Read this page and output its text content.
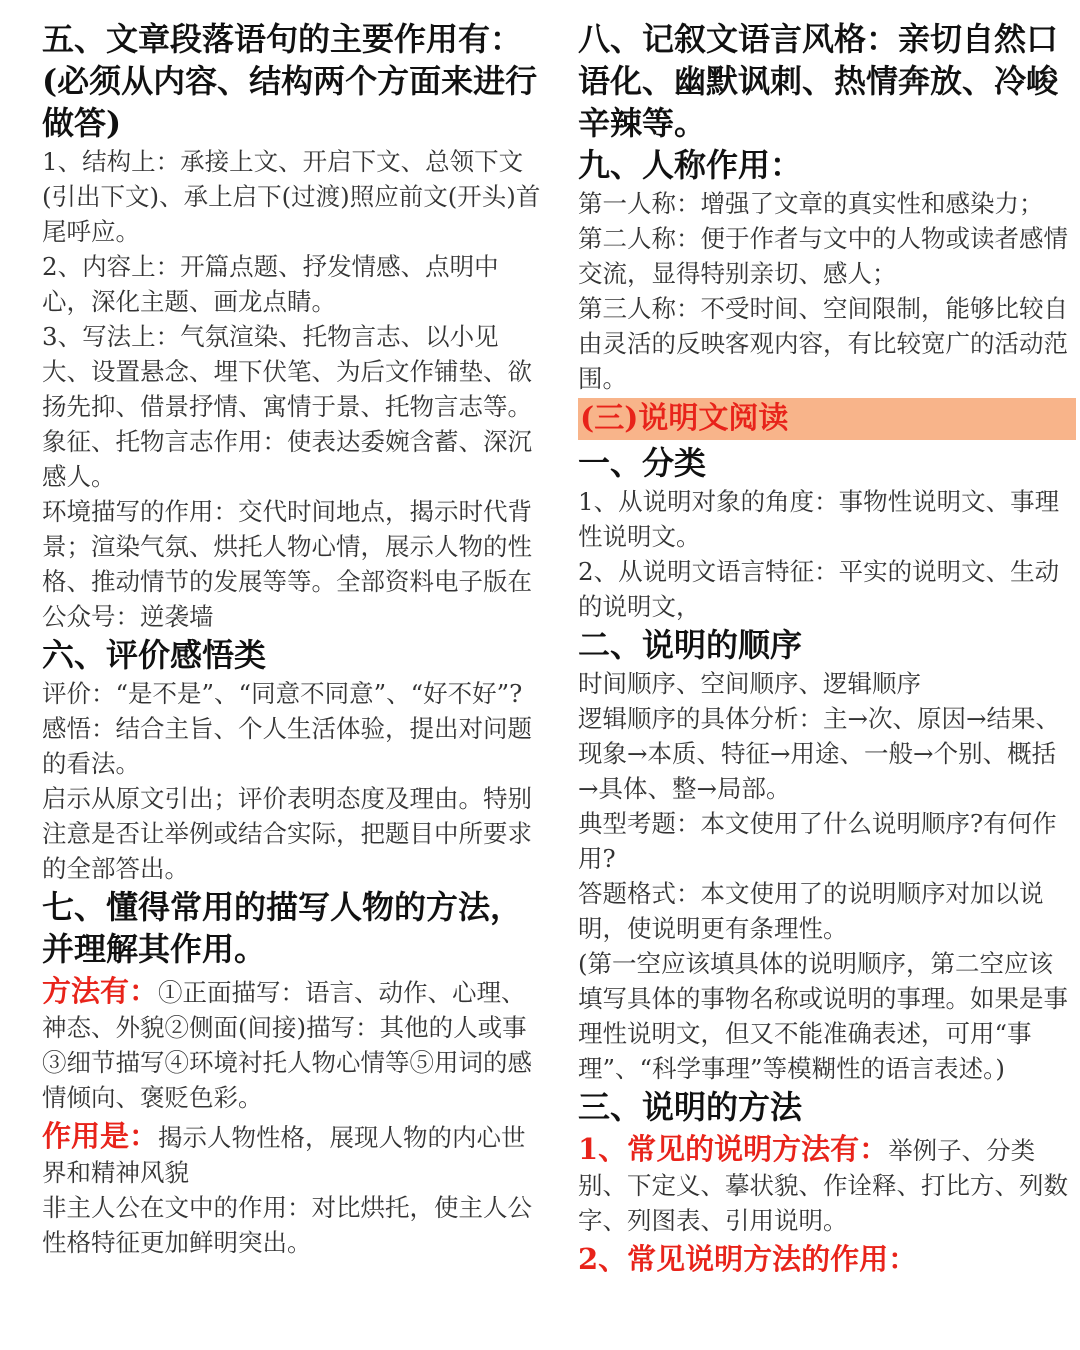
五、文章段落语句的主要作用有：(必须从内容、结构两个方面来进行做答)

1、结构上：承接上文、开启下文、总领下文(引出下文)、承上启下(过渡)照应前文(开头)首尾呼应。

2、内容上：开篇点题、抒发情感、点明中心，深化主题、画龙点睛。

3、写法上：气氛渲染、托物言志、以小见大、设置悬念、埋下伏笔、为后文作铺垫、欲扬先抑、借景抒情、寓情于景、托物言志等。

象征、托物言志作用：使表达委婉含蓄、深沉感人。

环境描写的作用：交代时间地点，揭示时代背景；渲染气氛、烘托人物心情，展示人物的性格、推动情节的发展等等。全部资料电子版在公众号：逆袭墙

六、评价感悟类

评价：“是不是”、“同意不同意”、“好不好”?感悟：结合主旨、个人生活体验，提出对问题的看法。

启示从原文引出；评价表明态度及理由。特别注意是否让举例或结合实际，把题目中所要求的全部答出。

七、懂得常用的描写人物的方法，并理解其作用。

方法有：①正面描写：语言、动作、心理、神态、外貌②侧面(间接)描写：其他的人或事③细节描写④环境衬托人物心情等⑤用词的感情倾向、褒贬色彩。

作用是：揭示人物性格，展现人物的内心世界和精神风貌

非主人公在文中的作用：对比烘托，使主人公性格特征更加鲜明突出。

八、记叙文语言风格：亲切自然口语化、幽默讽刺、热情奔放、冷峻辛辣等。

九、人称作用：

第一人称：增强了文章的真实性和感染力；

第二人称：便于作者与文中的人物或读者感情交流，显得特别亲切、感人；

第三人称：不受时间、空间限制，能够比较自由灵活的反映客观内容，有比较宽广的活动范围。

(三)说明文阅读

一、分类

1、从说明对象的角度：事物性说明文、事理性说明文。

2、从说明文语言特征：平实的说明文、生动的说明文，

二、说明的顺序

时间顺序、空间顺序、逻辑顺序

逻辑顺序的具体分析：主→次、原因→结果、现象→本质、特征→用途、一般→个别、概括→具体、整→局部。

典型考题：本文使用了什么说明顺序?有何作用?

答题格式：本文使用了的说明顺序对加以说明，使说明更有条理性。

(第一空应该填具体的说明顺序，第二空应该填写具体的事物名称或说明的事理。如果是事理性说明文，但又不能准确表述，可用“事理”、“科学事理”等模糊性的语言表述。)

三、说明的方法

1、常见的说明方法有：举例子、分类别、下定义、摹状貌、作诠释、打比方、列数字、列图表、引用说明。

2、常见说明方法的作用：
